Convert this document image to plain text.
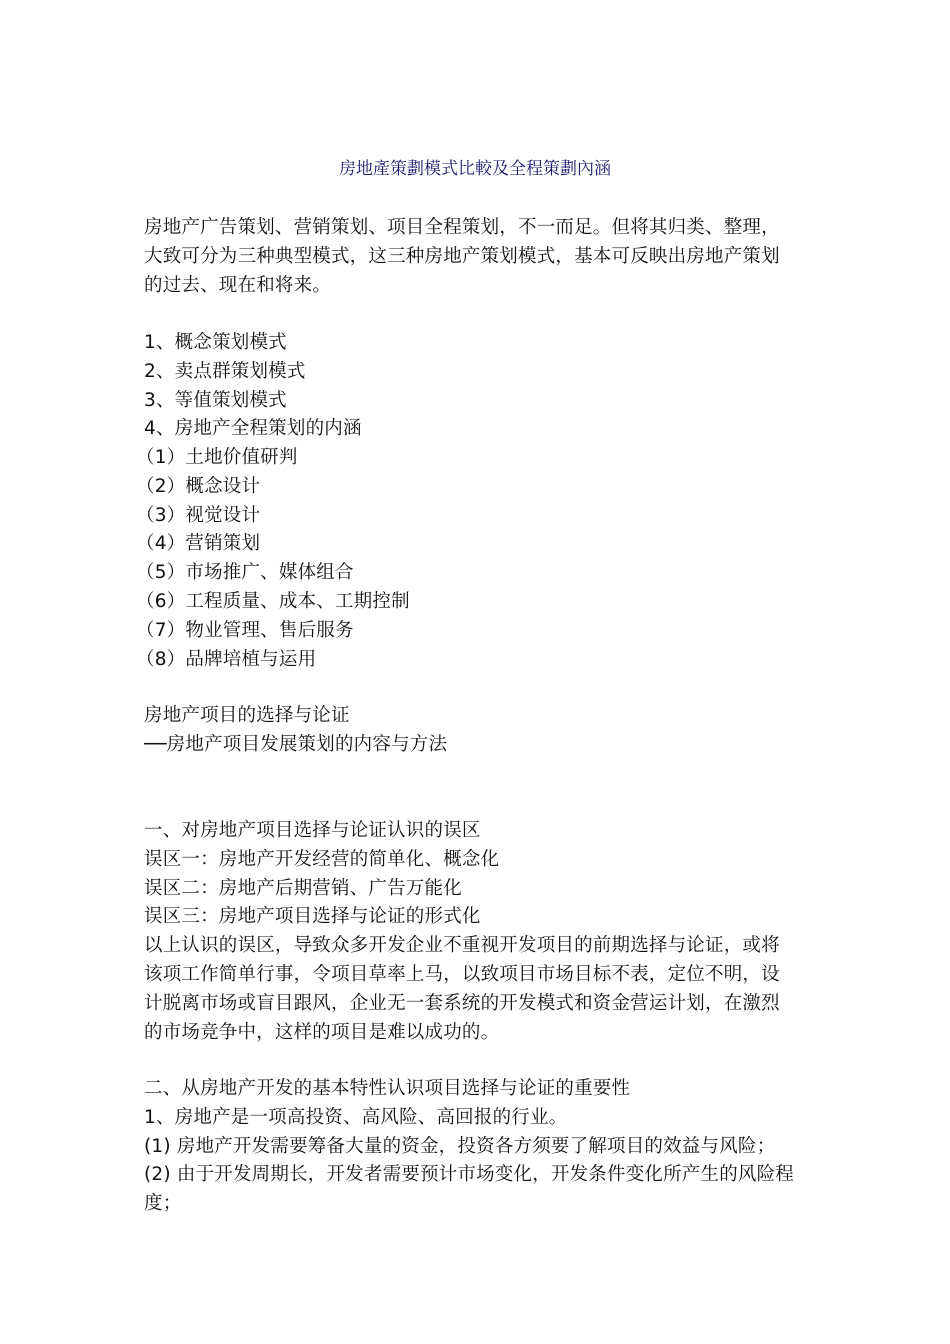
房地產策劃模式比較及全程策劃內涵
房地产广告策划、营销策划、项目全程策划，不一而足。但将其归类、整理，
大致可分为三种典型模式，这三种房地产策划模式，基本可反映出房地产策划
的过去、现在和将来。
1、概念策划模式
2、卖点群策划模式
3、等值策划模式
4、房地产全程策划的内涵
（1）土地价值研判
（2）概念设计
（3）视觉设计
（4）营销策划
（5）市场推广、媒体组合
（6）工程质量、成本、工期控制
（7）物业管理、售后服务
（8）品牌培植与运用
房地产项目的选择与论证
──房地产项目发展策划的内容与方法
一、对房地产项目选择与论证认识的误区
误区一：房地产开发经营的简单化、概念化
误区二：房地产后期营销、广告万能化
误区三：房地产项目选择与论证的形式化
以上认识的误区，导致众多开发企业不重视开发项目的前期选择与论证，或将
该项工作简单行事，令项目草率上马，以致项目市场目标不表，定位不明，设
计脱离市场或盲目跟风，企业无一套系统的开发模式和资金营运计划，在激烈
的市场竞争中，这样的项目是难以成功的。
二、从房地产开发的基本特性认识项目选择与论证的重要性
1、房地产是一项高投资、高风险、高回报的行业。
(1) 房地产开发需要筹备大量的资金，投资各方须要了解项目的效益与风险；
(2) 由于开发周期长，开发者需要预计市场变化，开发条件变化所产生的风险程
度；
